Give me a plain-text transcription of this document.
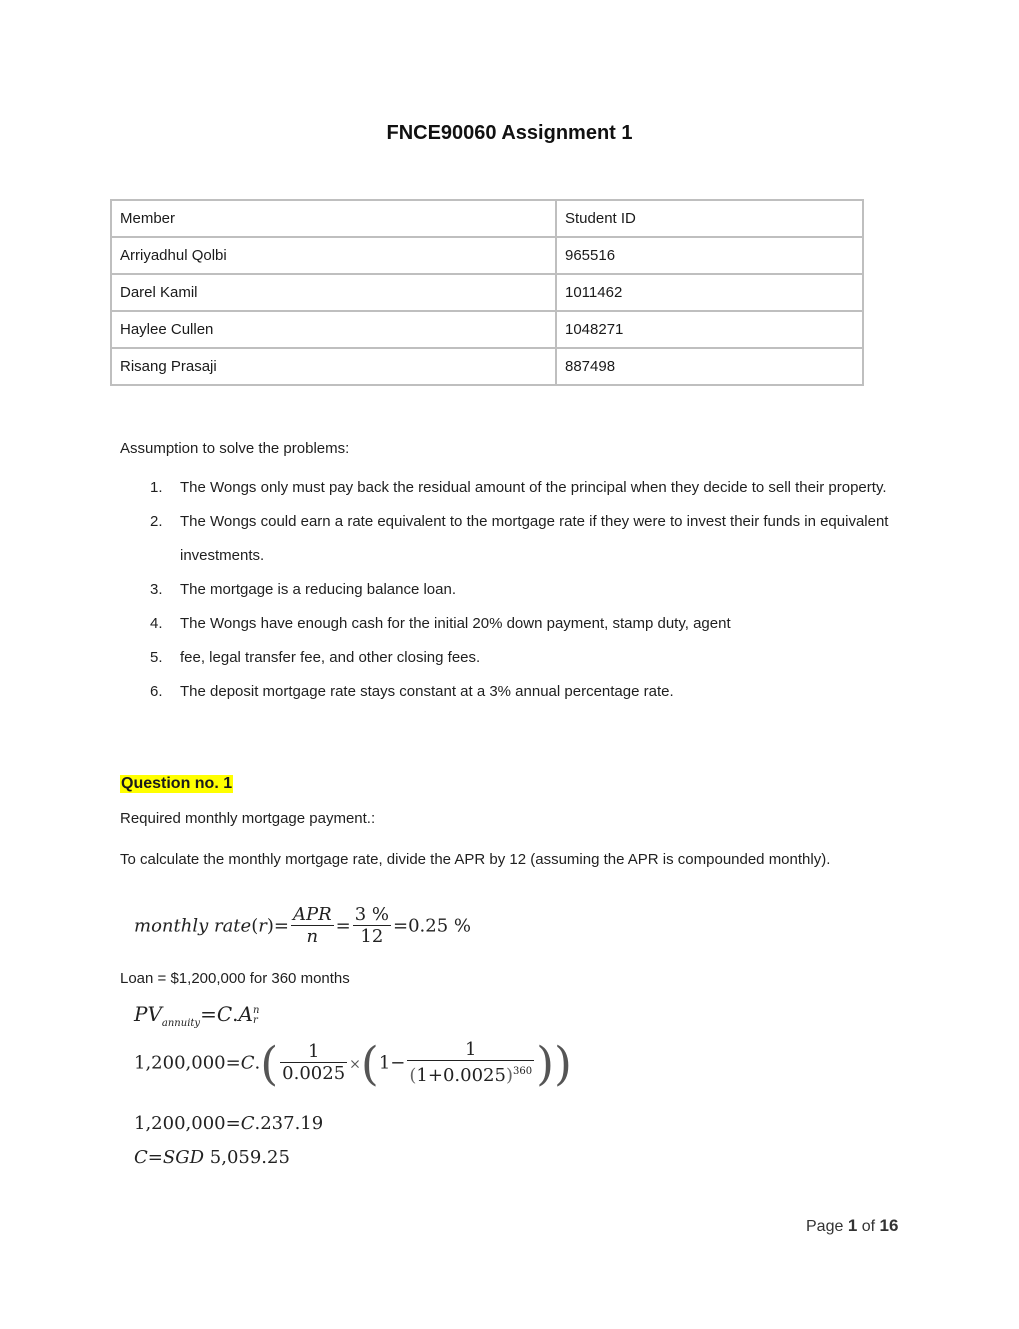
FNCE90060 Assignment 1
Member	Student ID
Arriyadhul Qolbi	965516
Darel Kamil	1011462
Haylee Cullen	1048271
Risang Prasaji	887498
Assumption to solve the problems:
1. The Wongs only must pay back the residual amount of the principal when they decide to sell their property.
2. The Wongs could earn a rate equivalent to the mortgage rate if they were to invest their funds in equivalent investments.
3. The mortgage is a reducing balance loan.
4. The Wongs have enough cash for the initial 20% down payment, stamp duty, agent
5. fee, legal transfer fee, and other closing fees.
6. The deposit mortgage rate stays constant at a 3% annual percentage rate.
Question no. 1
Required monthly mortgage payment.:
To calculate the monthly mortgage rate, divide the APR by 12 (assuming the APR is compounded monthly).
monthly rate(r)= $\frac{\text{APR}}{n} = \frac{3 \%}{12} =0.25$ %
Loan = $1,200,000 for 360 months
$PV_{annuity}=C.A$ n
r
$1,200,000=C.( \frac{1}{0.0025} \times(1- \frac{1}{(1+0.0025)^{360}}$ ))
1,200,000=C.237.19
C=SGD 5,059.25
Page 1 of 16
